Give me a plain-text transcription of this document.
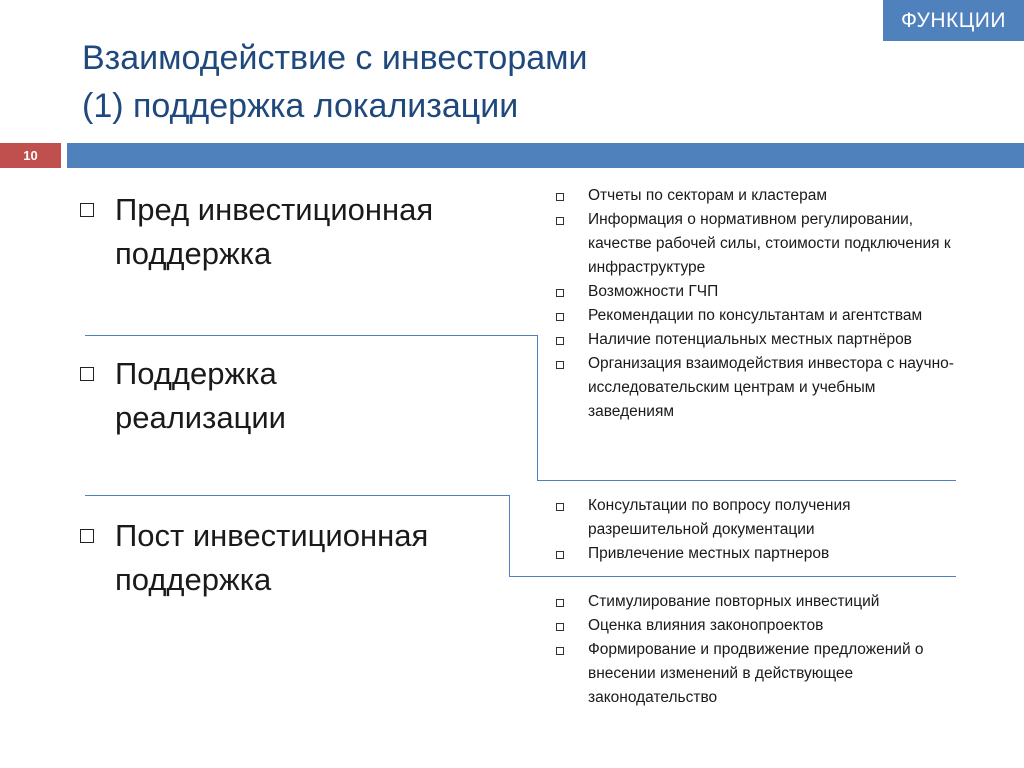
ФУНКЦИИ
Взаимодействие с инвесторами
(1) поддержка локализации
10
Пред инвестиционная
поддержка
Поддержка
реализации
Пост инвестиционная
поддержка
Отчеты по секторам и кластерам
Информация о нормативном регулировании, качестве рабочей силы, стоимости подключения к инфраструктуре
Возможности ГЧП
Рекомендации по консультантам и агентствам
Наличие потенциальных местных партнёров
Организация взаимодействия инвестора с научно-исследовательским центрам и учебным заведениям
Консультации по вопросу получения разрешительной документации
Привлечение местных партнеров
Стимулирование повторных инвестиций
Оценка влияния законопроектов
Формирование и продвижение предложений о внесении изменений в действующее законодательство
